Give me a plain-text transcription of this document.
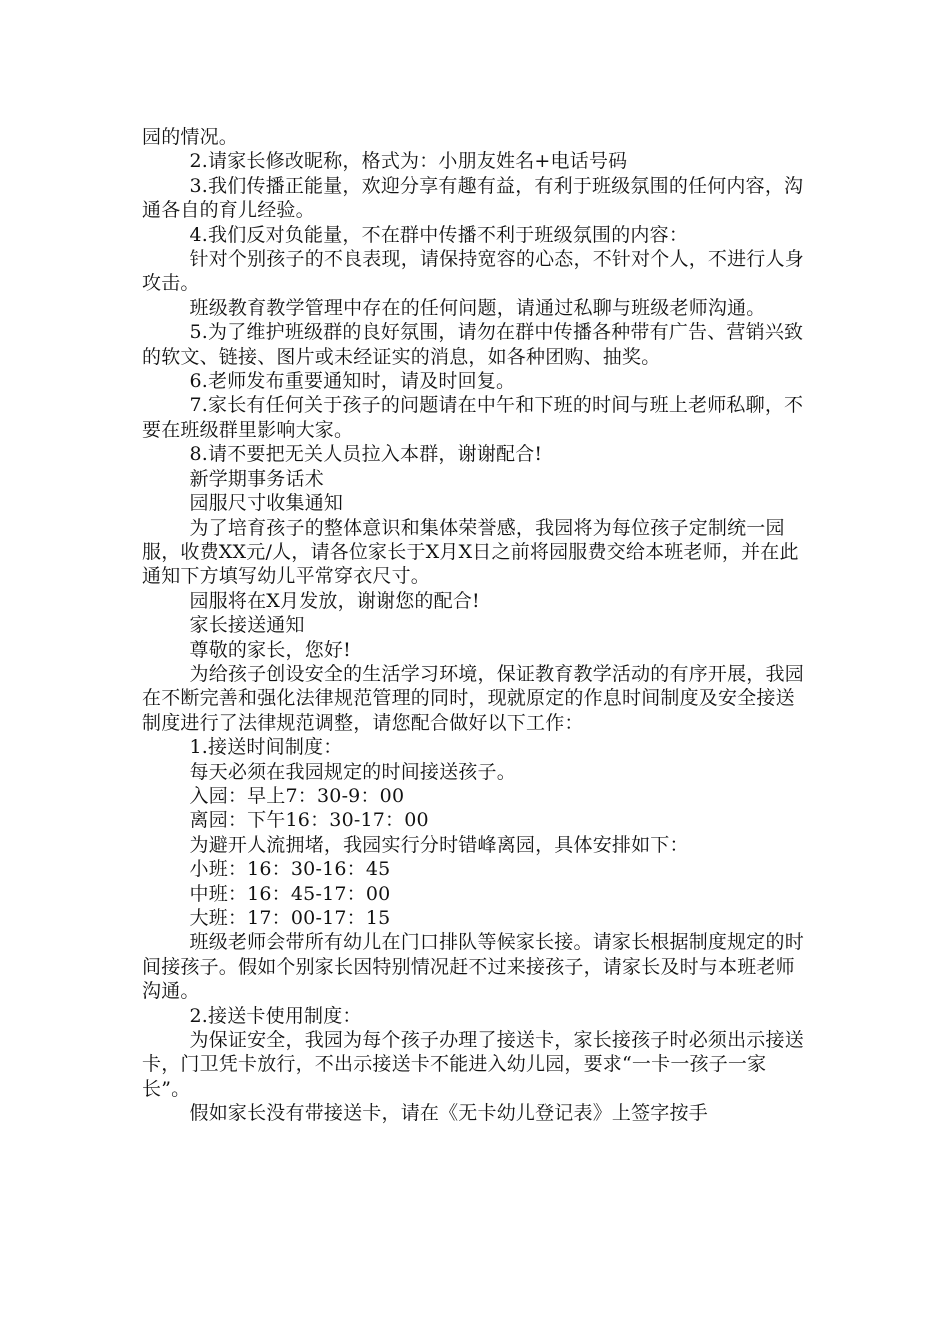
园的情况。

2.请家长修改昵称，格式为：小朋友姓名+电话号码

3.我们传播正能量，欢迎分享有趣有益，有利于班级氛围的任何内容，沟通各自的育儿经验。

4.我们反对负能量，不在群中传播不利于班级氛围的内容：

针对个别孩子的不良表现，请保持宽容的心态，不针对个人，不进行人身攻击。

班级教育教学管理中存在的任何问题，请通过私聊与班级老师沟通。

5.为了维护班级群的良好氛围，请勿在群中传播各种带有广告、营销兴致的软文、链接、图片或未经证实的消息，如各种团购、抽奖。

6.老师发布重要通知时，请及时回复。

7.家长有任何关于孩子的问题请在中午和下班的时间与班上老师私聊，不要在班级群里影响大家。

8.请不要把无关人员拉入本群，谢谢配合!

新学期事务话术

园服尺寸收集通知

为了培育孩子的整体意识和集体荣誉感，我园将为每位孩子定制统一园服，收费XX元/人，请各位家长于X月X日之前将园服费交给本班老师，并在此通知下方填写幼儿平常穿衣尺寸。

园服将在X月发放，谢谢您的配合!

家长接送通知

尊敬的家长，您好!

为给孩子创设安全的生活学习环境，保证教育教学活动的有序开展，我园在不断完善和强化法律规范管理的同时，现就原定的作息时间制度及安全接送制度进行了法律规范调整，请您配合做好以下工作：

1.接送时间制度：

每天必须在我园规定的时间接送孩子。

入园：早上7：30-9：00

离园：下午16：30-17：00

为避开人流拥堵，我园实行分时错峰离园，具体安排如下：

小班：16：30-16：45

中班：16：45-17：00

大班：17：00-17：15

班级老师会带所有幼儿在门口排队等候家长接。请家长根据制度规定的时间接孩子。假如个别家长因特别情况赶不过来接孩子，请家长及时与本班老师沟通。

2.接送卡使用制度：

为保证安全，我园为每个孩子办理了接送卡，家长接孩子时必须出示接送卡，门卫凭卡放行，不出示接送卡不能进入幼儿园，要求“一卡一孩子一家长”。

假如家长没有带接送卡，请在《无卡幼儿登记表》上签字按手
